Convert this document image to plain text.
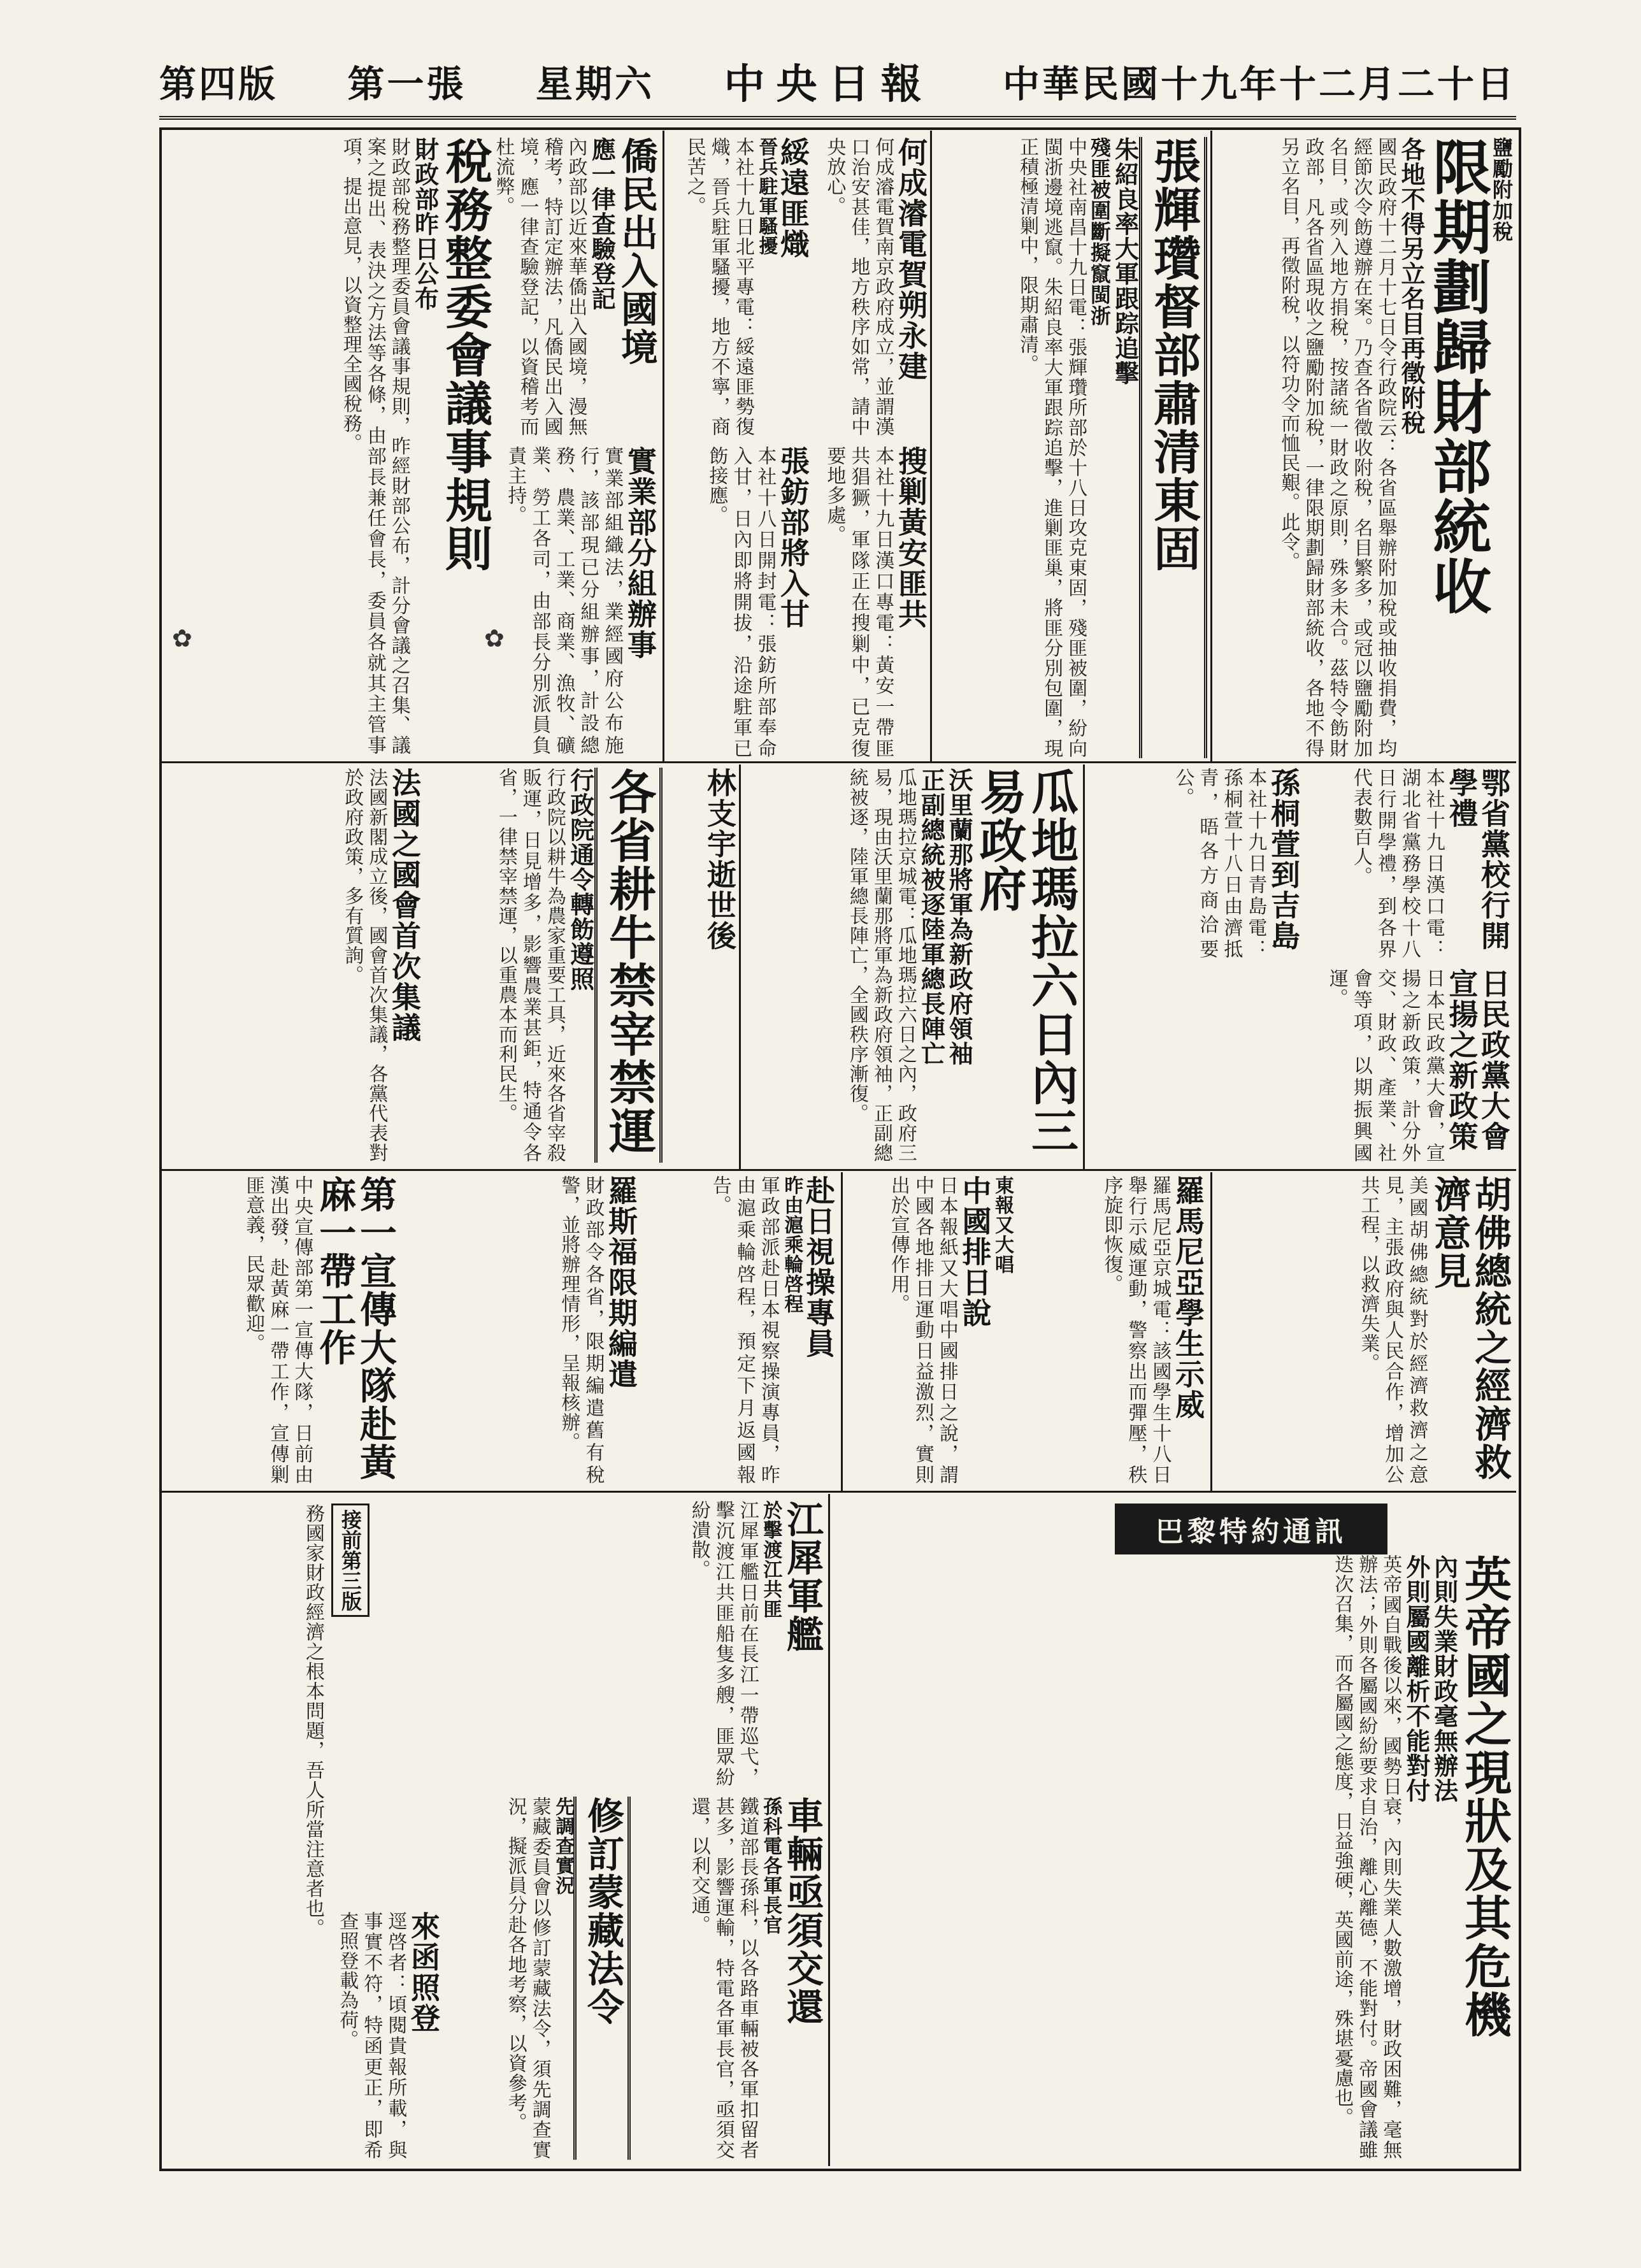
中華民國十九年十二月二十日
中央日報
星期六
第一張
第四版
鹽勵附加稅
限期劃歸財部統收
各地不得另立名目再徵附稅
國民政府十二月十七日令行政院云：各省區舉辦附加稅或抽收捐費，均經節次令飭遵辦在案。乃查各省徵收附稅，名目繁多，或冠以鹽勵附加名目，或列入地方捐稅，按諸統一財政之原則，殊多未合。茲特令飭財政部，凡各省區現收之鹽勵附加稅，一律限期劃歸財部統收，各地不得另立名目，再徵附稅，以符功令而恤民艱。此令。
張輝瓚督部肅清東固
朱紹良率大軍跟踪追擊
殘匪被圍斷擬竄閩浙
中央社南昌十九日電：張輝瓚所部於十八日攻克東固，殘匪被圍，紛向閩浙邊境逃竄。朱紹良率大軍跟踪追擊，進剿匪巢，將匪分別包圍，現正積極清剿中，限期肅清。
何成濬電賀朔永建
何成濬電賀南京政府成立，並謂漢口治安甚佳，地方秩序如常，請中央放心。
綏遠匪熾
晉兵駐軍騷擾
本社十九日北平專電：綏遠匪勢復熾，晉兵駐軍騷擾，地方不寧，商民苦之。
搜剿黃安匪共
本社十九日漢口專電：黃安一帶匪共猖獗，軍隊正在搜剿中，已克復要地多處。
張鈁部將入甘
本社十八日開封電：張鈁所部奉命入甘，日內即將開拔，沿途駐軍已飭接應。
僑民出入國境
應一律查驗登記
內政部以近來華僑出入國境，漫無稽考，特訂定辦法，凡僑民出入國境，應一律查驗登記，以資稽考而杜流弊。
稅務整委會議事規則
財政部昨日公布
財政部稅務整理委員會議事規則，昨經財部公布，計分會議之召集、議案之提出、表決之方法等各條，由部長兼任會長，委員各就其主管事項，提出意見，以資整理全國稅務。
實業部分組辦事
實業部組織法，業經國府公布施行，該部現已分組辦事，計設總務、農業、工業、商業、漁牧、礦業、勞工各司，由部長分別派員負責主持。
鄂省黨校行開學禮
本社十九日漢口電：湖北省黨務學校十八日行開學禮，到各界代表數百人。
孫桐萱到吉島
本社十九日青島電：孫桐萱十八日由濟抵青，晤各方商洽要公。
瓜地瑪拉六日內三易政府
沃里蘭那將軍為新政府領袖
正副總統被逐陸軍總長陣亡
瓜地瑪拉京城電：瓜地瑪拉六日之內，政府三易，現由沃里蘭那將軍為新政府領袖，正副總統被逐，陸軍總長陣亡，全國秩序漸復。
林支宇逝世後
日民政黨大會宣揚之新政策
日本民政黨大會，宣揚之新政策，計分外交、財政、產業、社會等項，以期振興國運。
法國之國會首次集議
法國新閣成立後，國會首次集議，各黨代表對於政府政策，多有質詢。	各省耕牛禁宰禁運
行政院通令轉飭遵照
行政院以耕牛為農家重要工具，近來各省宰殺販運，日見增多，影響農業甚鉅，特通令各省，一律禁宰禁運，以重農本而利民生。
胡佛總統之經濟救濟意見
美國胡佛總統對於經濟救濟之意見，主張政府與人民合作，增加公共工程，以救濟失業。
羅馬尼亞學生示威
羅馬尼亞京城電：該國學生十八日舉行示威運動，警察出而彈壓，秩序旋即恢復。
東報又大唱
中國排日說
日本報紙又大唱中國排日之說，謂中國各地排日運動日益激烈，實則出於宣傳作用。
赴日視操專員
昨由滬乘輪啓程
軍政部派赴日本視察操演專員，昨由滬乘輪啓程，預定下月返國報告。
羅斯福限期編遣
財政部令各省，限期編遣舊有稅警，並將辦理情形，呈報核辦。
第一宣傳大隊赴黃麻一帶工作
中央宣傳部第一宣傳大隊，日前由漢出發，赴黃麻一帶工作，宣傳剿匪意義，民眾歡迎。
巴黎特約通訊
英帝國之現狀及其危機
內則失業財政毫無辦法
外則屬國離析不能對付
英帝國自戰後以來，國勢日衰，內則失業人數激增，財政困難，毫無辦法；外則各屬國紛紛要求自治，離心離德，不能對付。帝國會議雖迭次召集，而各屬國之態度，日益強硬，英國前途，殊堪憂慮也。
江犀軍艦
於擊渡江共匪
江犀軍艦日前在長江一帶巡弋，擊沉渡江共匪船隻多艘，匪眾紛紛潰散。
車輛亟須交還
孫科電各軍長官
鐵道部長孫科，以各路車輛被各軍扣留者甚多，影響運輸，特電各軍長官，亟須交還，以利交通。
修訂蒙藏法令
先調查實況
蒙藏委員會以修訂蒙藏法令，須先調查實況，擬派員分赴各地考察，以資參考。
來函照登
逕啓者：頃閱貴報所載，與事實不符，特函更正，即希查照登載為荷。
接前第三版
務國家財政經濟之根本問題，吾人所當注意者也。
✿	✿
